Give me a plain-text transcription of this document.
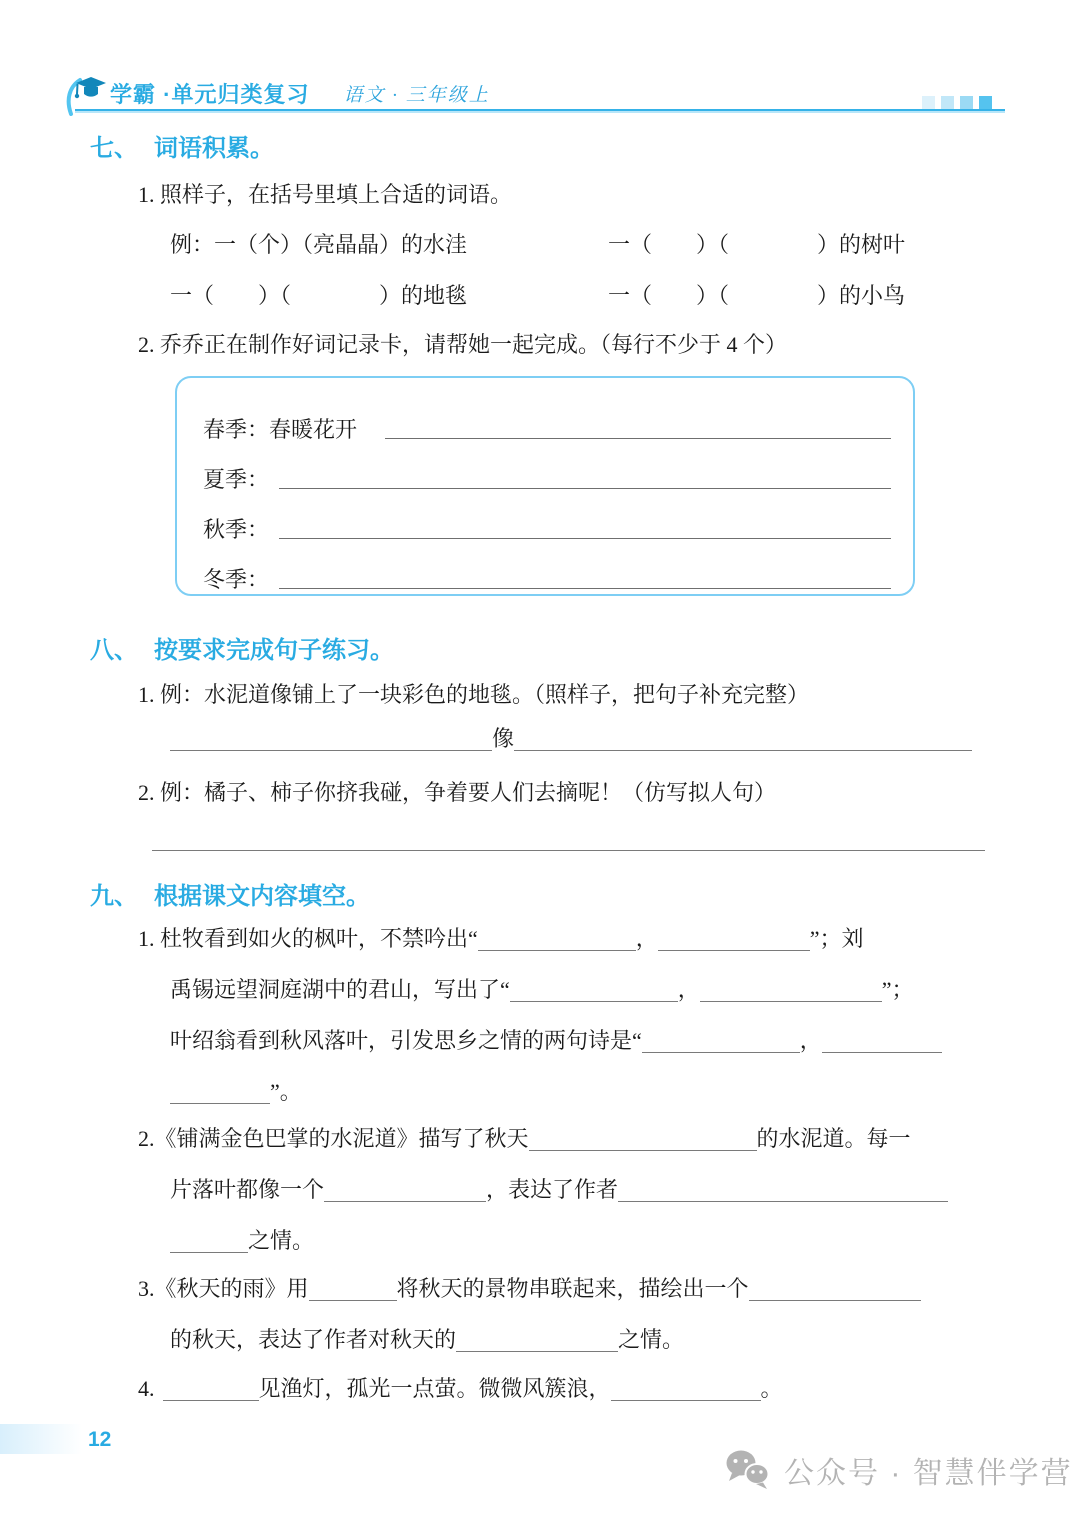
学霸 ·单元归类复习 语文 · 三年级上
七、 词语积累。
1. 照样子，在括号里填上合适的词语。
例：一（个）（亮晶晶）的水洼	一（　　）（　　　　）的树叶
一（　　）（　　　　）的地毯	一（　　）（　　　　）的小鸟
2. 乔乔正在制作好词记录卡，请帮她一起完成。（每行不少于 4 个）
春季：春暖花开
夏季：
秋季：
冬季：
八、 按要求完成句子练习。
1. 例：水泥道像铺上了一块彩色的地毯。（照样子，把句子补充完整）
像
2. 例：橘子、柿子你挤我碰，争着要人们去摘呢！（仿写拟人句）
九、 根据课文内容填空。
1. 杜牧看到如火的枫叶，不禁吟出“	，	”；刘
禹锡远望洞庭湖中的君山，写出了“	，	”；
叶绍翁看到秋风落叶，引发思乡之情的两句诗是“	，
”。
2.《铺满金色巴掌的水泥道》描写了秋天	的水泥道。每一
片落叶都像一个	，表达了作者
之情。
3.《秋天的雨》用	将秋天的景物串联起来，描绘出一个
的秋天，表达了作者对秋天的	之情。
4.	见渔灯，孤光一点萤。微微风簇浪，	。
12
公众号 · 智慧伴学营
